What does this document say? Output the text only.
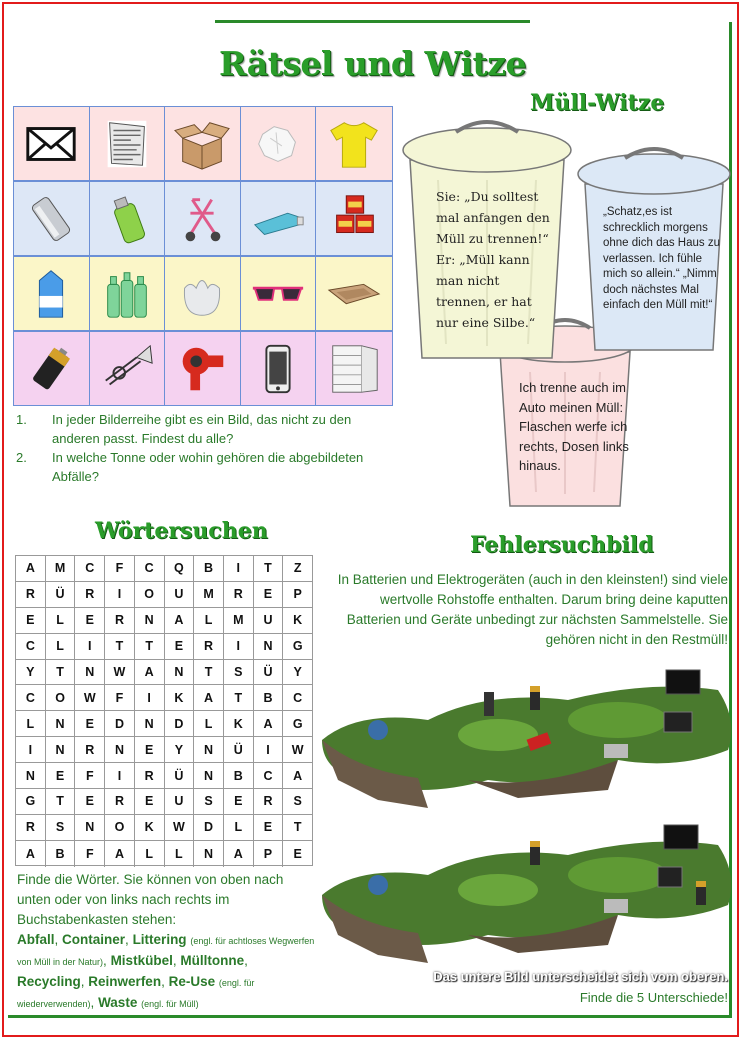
Rätsel und Witze
1. In jeder Bilderreihe gibt es ein Bild, das nicht zu den anderen passt. Findest du alle?
2. In welche Tonne oder wohin gehören die abgebildeten Abfälle?
Müll-Witze
Sie: „Du solltest mal anfangen den Müll zu trennen!“ Er: „Müll kann man nicht trennen, er hat nur eine Silbe.“
„Schatz,es ist schrecklich morgens ohne dich das Haus zu verlassen. Ich fühle mich so allein.“ „Nimm doch nächstes Mal einfach den Müll mit!“
Ich trenne auch im Auto meinen Müll: Flaschen werfe ich rechts, Dosen links hinaus.
Wörtersuchen
A	M	C	F	C	Q	B	I	T	Z
R	Ü	R	I	O	U	M	R	E	P
E	L	E	R	N	A	L	M	U	K
C	L	I	T	T	E	R	I	N	G
Y	T	N	W	A	N	T	S	Ü	Y
C	O	W	F	I	K	A	T	B	C
L	N	E	D	N	D	L	K	A	G
I	N	R	N	E	Y	N	Ü	I	W
N	E	F	I	R	Ü	N	B	C	A
G	T	E	R	E	U	S	E	R	S
R	S	N	O	K	W	D	L	E	T
A	B	F	A	L	L	N	A	P	E
Finde die Wörter. Sie können von oben nach unten oder von links nach rechts im Buchstabenkasten stehen:
Abfall, Container, Littering (engl. für achtloses Wegwerfen von Müll in der Natur), Mistkübel, Mülltonne, Recycling, Reinwerfen, Re-Use (engl. für wiederverwenden), Waste (engl. für Müll)
Fehlersuchbild
In Batterien und Elektrogeräten (auch in den kleinsten!) sind viele wertvolle Rohstoffe enthalten. Darum bring deine kaputten Batterien und Geräte unbedingt zur nächsten Sammelstelle. Sie gehören nicht in den Restmüll!
Das untere Bild unterscheidet sich vom oberen.
Finde die 5 Unterschiede!
